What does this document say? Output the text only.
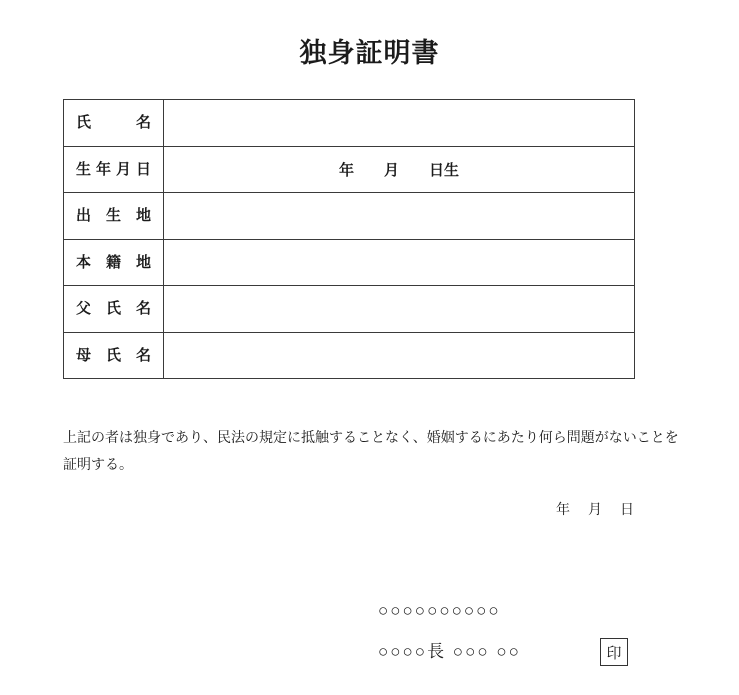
独身証明書
氏 名
生 年 月 日	年　　月　　日生
出 生 地
本 籍 地
父 氏 名
母 氏 名
上記の者は独身であり、民法の規定に抵触することなく、婚姻するにあたり何ら問題がないことを証明する。
年　月　日
○○○○○○○○○○
○○○○長 ○○○ ○○	印
